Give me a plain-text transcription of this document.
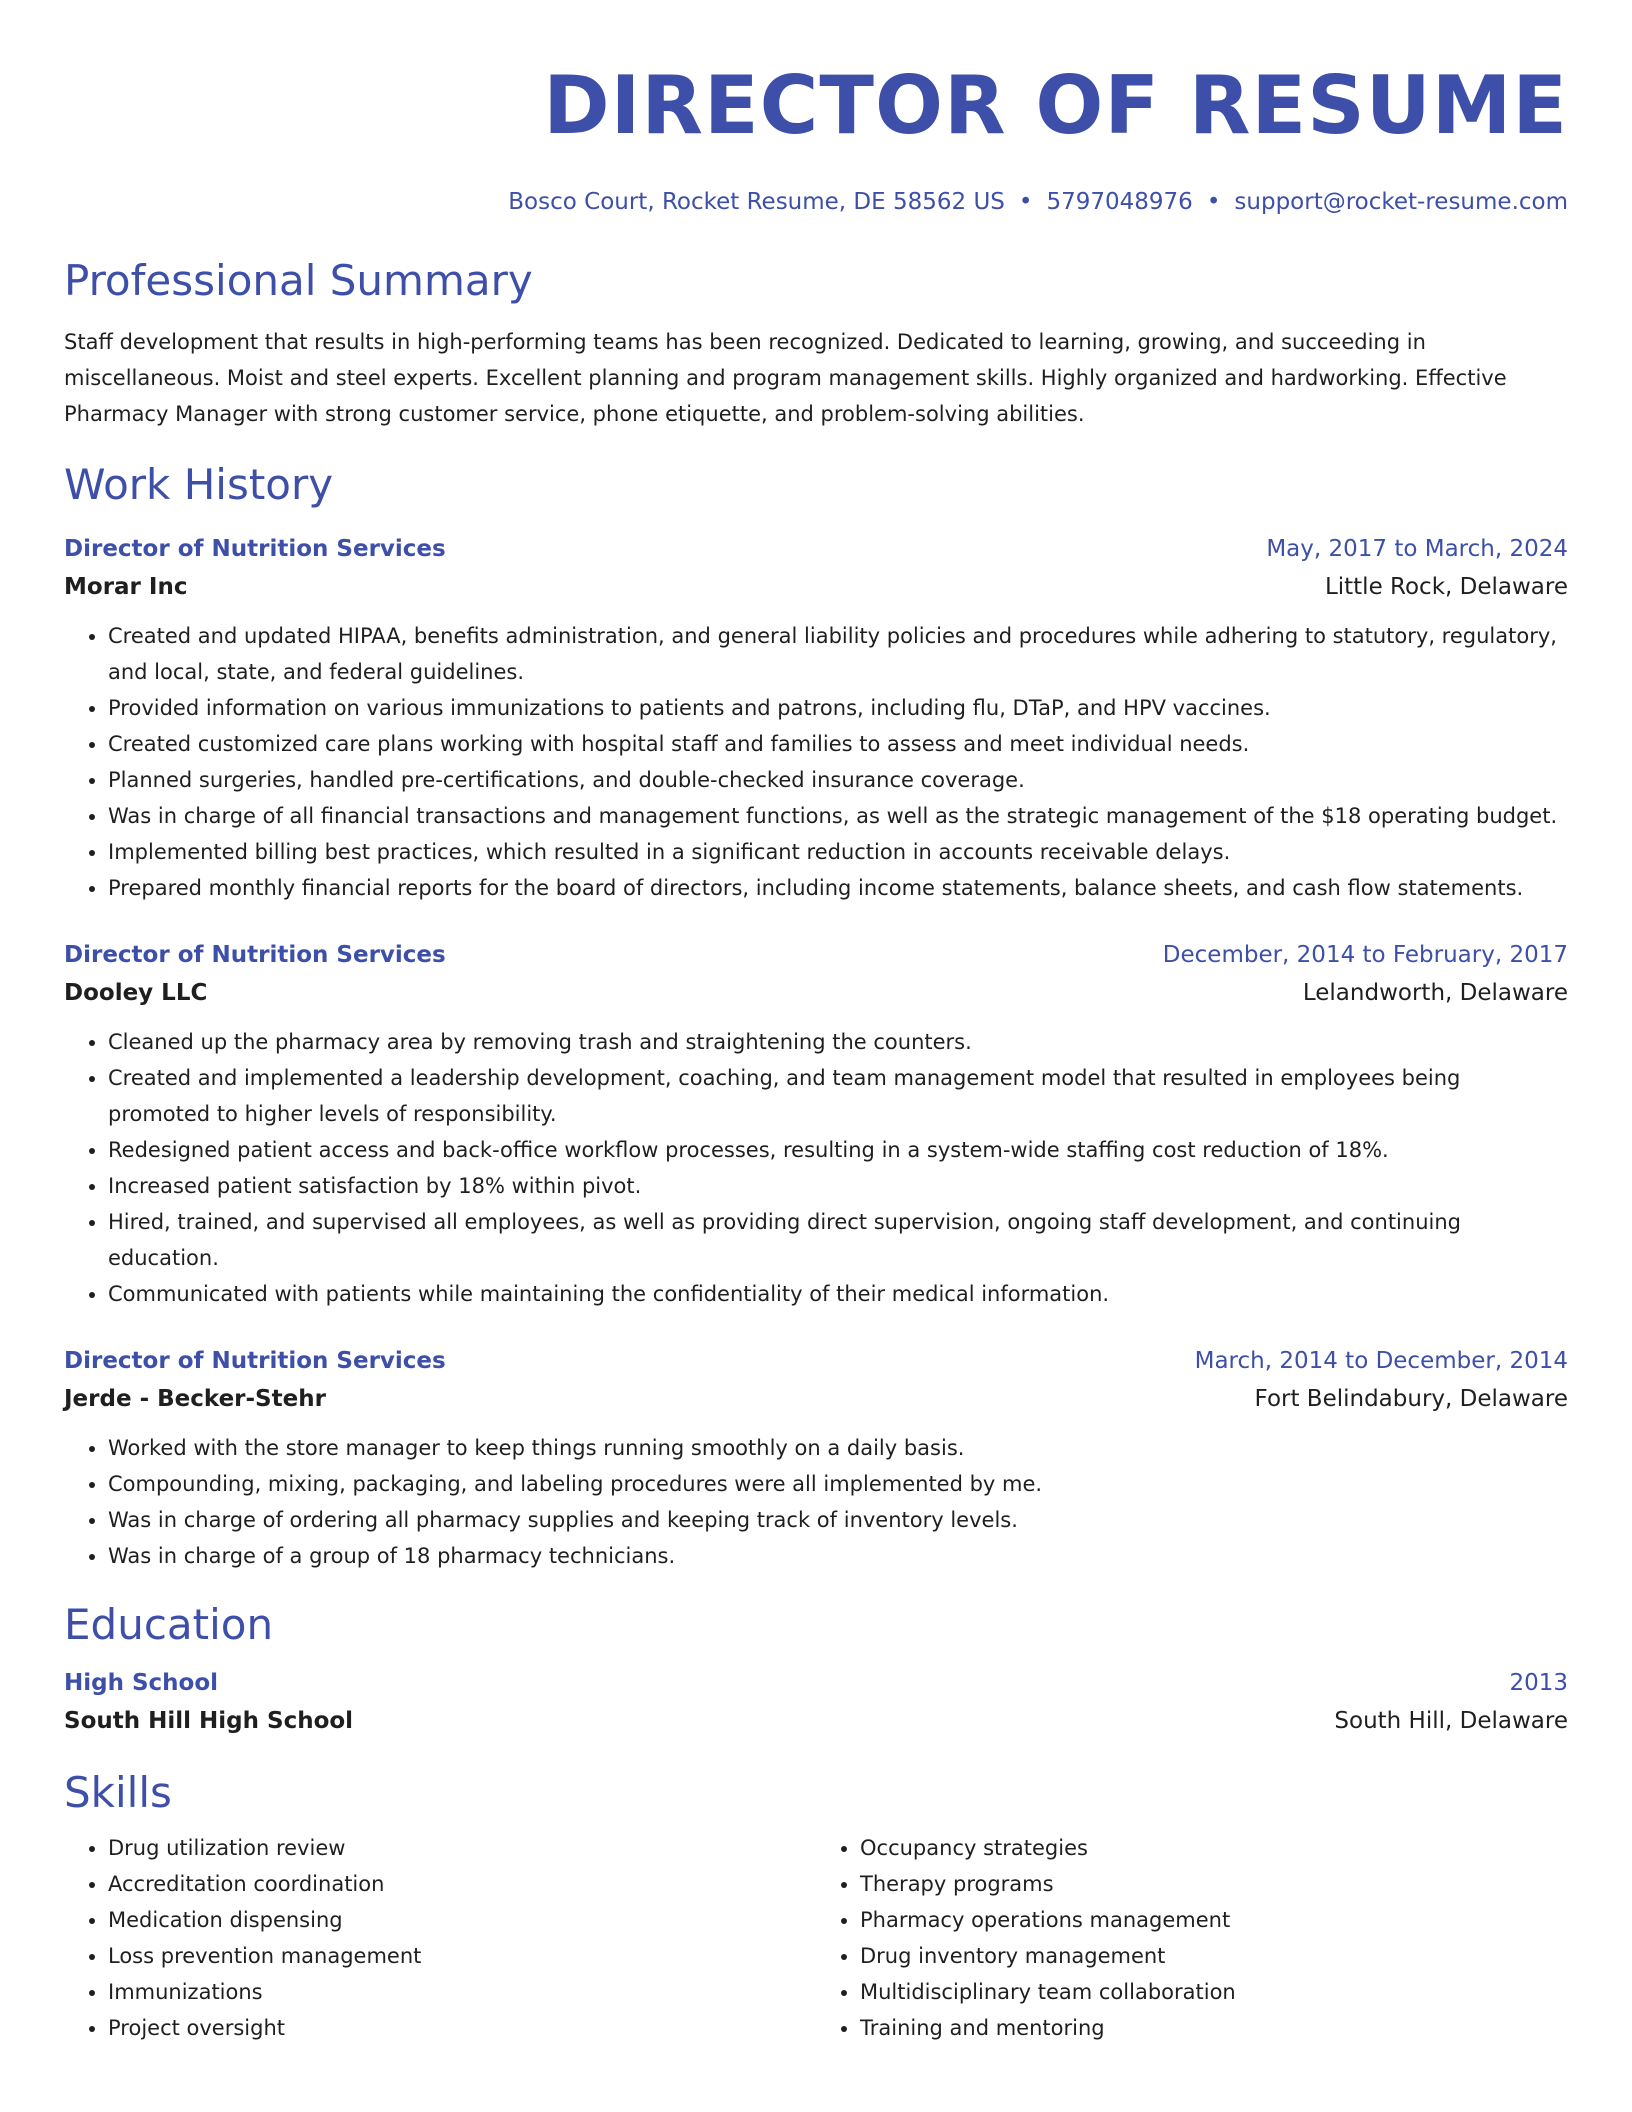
DIRECTOR OF RESUME
Bosco Court, Rocket Resume, DE 58562 US • 5797048976 • support@rocket-resume.com
Professional Summary
Staff development that results in high-performing teams has been recognized. Dedicated to learning, growing, and succeeding in miscellaneous. Moist and steel experts. Excellent planning and program management skills. Highly organized and hardworking. Effective Pharmacy Manager with strong customer service, phone etiquette, and problem-solving abilities.
Work History
Director of Nutrition Services	May, 2017 to March, 2024
Morar Inc	Little Rock, Delaware
• Created and updated HIPAA, benefits administration, and general liability policies and procedures while adhering to statutory, regulatory, and local, state, and federal guidelines.
• Provided information on various immunizations to patients and patrons, including flu, DTaP, and HPV vaccines.
• Created customized care plans working with hospital staff and families to assess and meet individual needs.
• Planned surgeries, handled pre-certifications, and double-checked insurance coverage.
• Was in charge of all financial transactions and management functions, as well as the strategic management of the $18 operating budget.
• Implemented billing best practices, which resulted in a significant reduction in accounts receivable delays.
• Prepared monthly financial reports for the board of directors, including income statements, balance sheets, and cash flow statements.
Director of Nutrition Services	December, 2014 to February, 2017
Dooley LLC	Lelandworth, Delaware
• Cleaned up the pharmacy area by removing trash and straightening the counters.
• Created and implemented a leadership development, coaching, and team management model that resulted in employees being promoted to higher levels of responsibility.
• Redesigned patient access and back-office workflow processes, resulting in a system-wide staffing cost reduction of 18%.
• Increased patient satisfaction by 18% within pivot.
• Hired, trained, and supervised all employees, as well as providing direct supervision, ongoing staff development, and continuing education.
• Communicated with patients while maintaining the confidentiality of their medical information.
Director of Nutrition Services	March, 2014 to December, 2014
Jerde - Becker-Stehr	Fort Belindabury, Delaware
• Worked with the store manager to keep things running smoothly on a daily basis.
• Compounding, mixing, packaging, and labeling procedures were all implemented by me.
• Was in charge of ordering all pharmacy supplies and keeping track of inventory levels.
• Was in charge of a group of 18 pharmacy technicians.
Education
High School	2013
South Hill High School	South Hill, Delaware
Skills
• Drug utilization review
• Accreditation coordination
• Medication dispensing
• Loss prevention management
• Immunizations
• Project oversight
• Occupancy strategies
• Therapy programs
• Pharmacy operations management
• Drug inventory management
• Multidisciplinary team collaboration
• Training and mentoring
